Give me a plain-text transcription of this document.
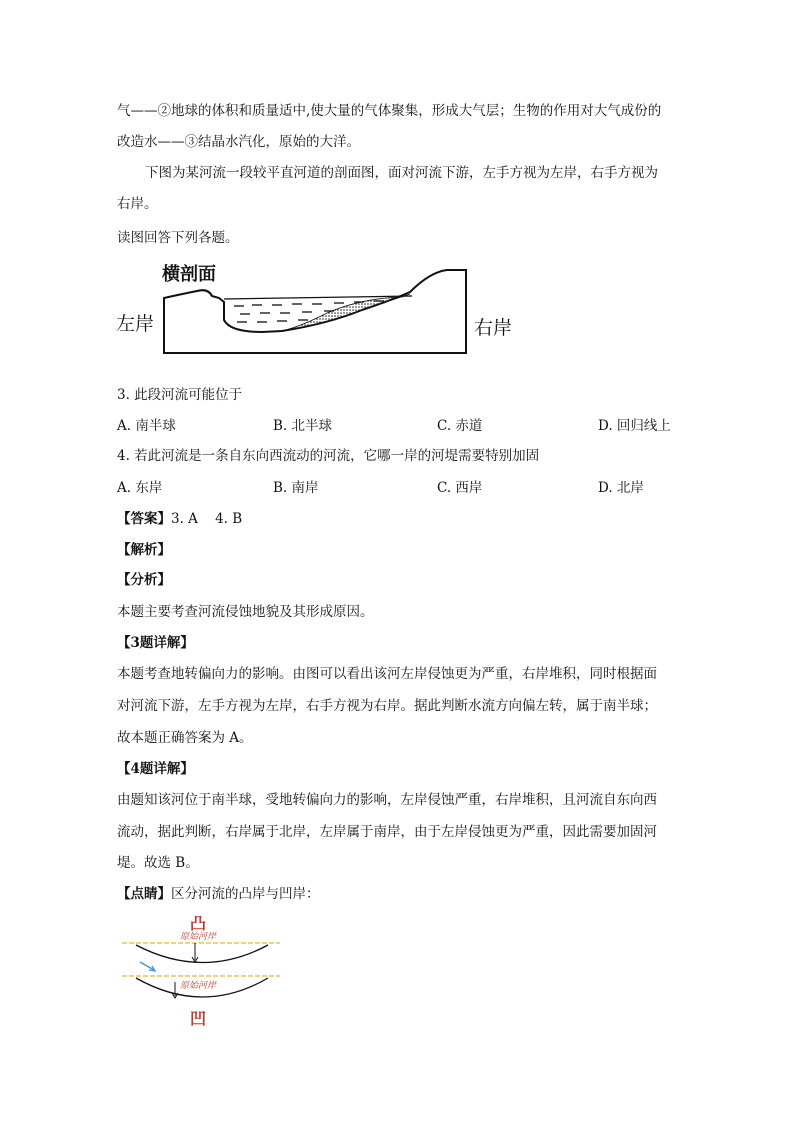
气——②地球的体积和质量适中,使大量的气体聚集，形成大气层；生物的作用对大气成份的
改造水——③结晶水汽化，原始的大洋。
下图为某河流一段较平直河道的剖面图，面对河流下游，左手方视为左岸，右手方视为
右岸。
读图回答下列各题。
横剖面
左岸	右岸
3. 此段河流可能位于
A. 南半球	B. 北半球	C. 赤道	D. 回归线上
4. 若此河流是一条自东向西流动的河流，它哪一岸的河堤需要特别加固
A. 东岸	B. 南岸	C. 西岸	D. 北岸
【答案】3. A    4. B
【解析】
【分析】
本题主要考查河流侵蚀地貌及其形成原因。
【3题详解】
本题考查地转偏向力的影响。由图可以看出该河左岸侵蚀更为严重，右岸堆积，同时根据面
对河流下游，左手方视为左岸，右手方视为右岸。据此判断水流方向偏左转，属于南半球；
故本题正确答案为 A。
【4题详解】
由题知该河位于南半球，受地转偏向力的影响，左岸侵蚀严重，右岸堆积，且河流自东向西
流动，据此判断，右岸属于北岸，左岸属于南岸，由于左岸侵蚀更为严重，因此需要加固河
堤。故选 B。
【点睛】区分河流的凸岸与凹岸：
凸
原始河岸
原始河岸
凹
